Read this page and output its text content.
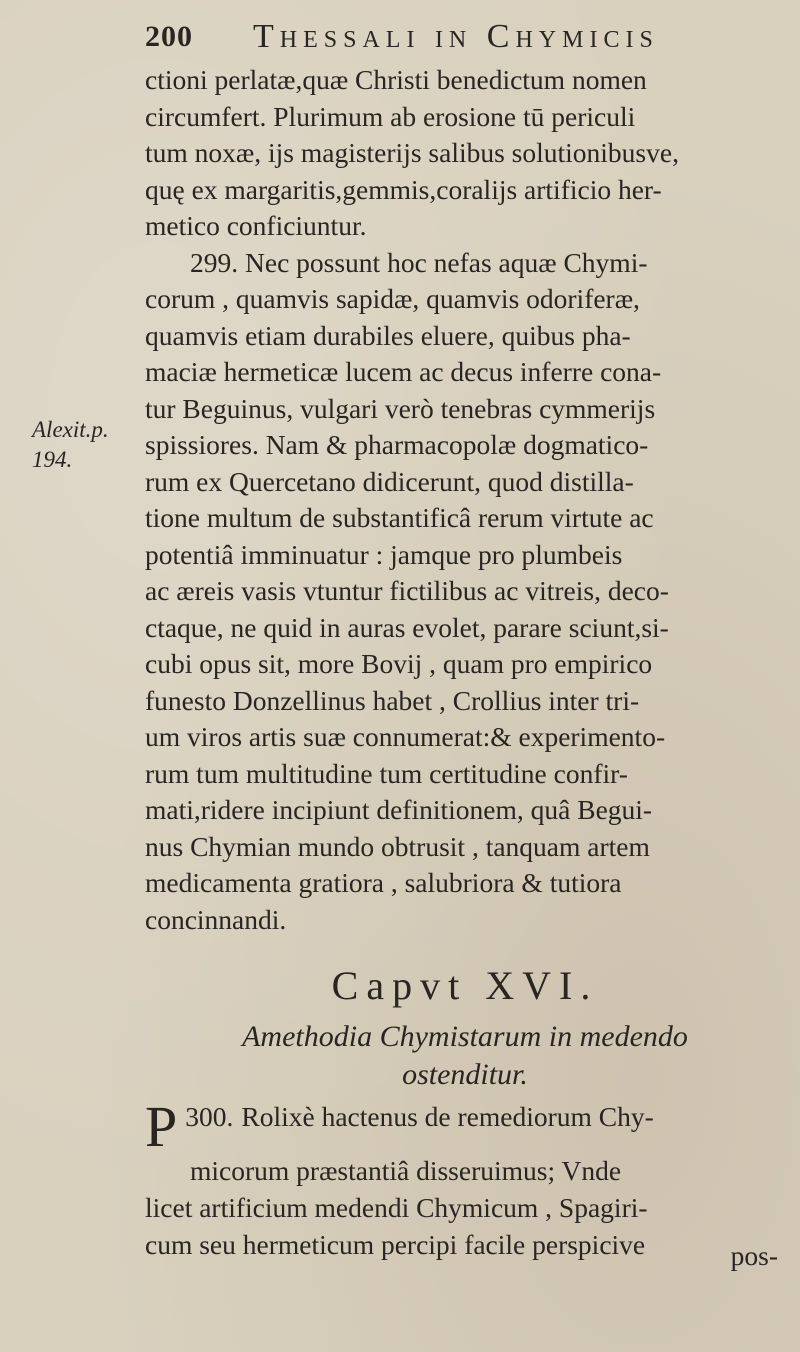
200 Thessali in Chymicis
Alexit.p.
194.
ctioni perlatæ,quæ Christi benedictum nomen
circumfert. Plurimum ab erosione tū periculi
tum noxæ, ijs magisterijs salibus solutionibusve,
quę ex margaritis,gemmis,coralijs artificio her-
metico conficiuntur.
299. Nec possunt hoc nefas aquæ Chymi-
corum , quamvis sapidæ, quamvis odoriferæ,
quamvis etiam durabiles eluere, quibus pha-
maciæ hermeticæ lucem ac decus inferre cona-
tur Beguinus, vulgari verò tenebras cymmerijs
spissiores. Nam & pharmacopolæ dogmatico-
rum ex Quercetano didicerunt, quod distilla-
tione multum de substantificâ rerum virtute ac
potentiâ imminuatur : jamque pro plumbeis
ac æreis vasis vtuntur fictilibus ac vitreis, deco-
ctaque, ne quid in auras evolet, parare sciunt,si-
cubi opus sit, more Bovij , quam pro empirico
funesto Donzellinus habet , Crollius inter tri-
um viros artis suæ connumerat:& experimento-
rum tum multitudine tum certitudine confir-
mati,ridere incipiunt definitionem, quâ Begui-
nus Chymian mundo obtrusit , tanquam artem
medicamenta gratiora , salubriora & tutiora
concinnandi.
Capvt XVI.
Amethodia Chymistarum in medendo
ostenditur.
300.
P Rolixè hactenus de remediorum Chy-
micorum præstantiâ disseruimus; Vnde
licet artificium medendi Chymicum , Spagiri-
cum seu hermeticum percipi facile perspicive	pos-
